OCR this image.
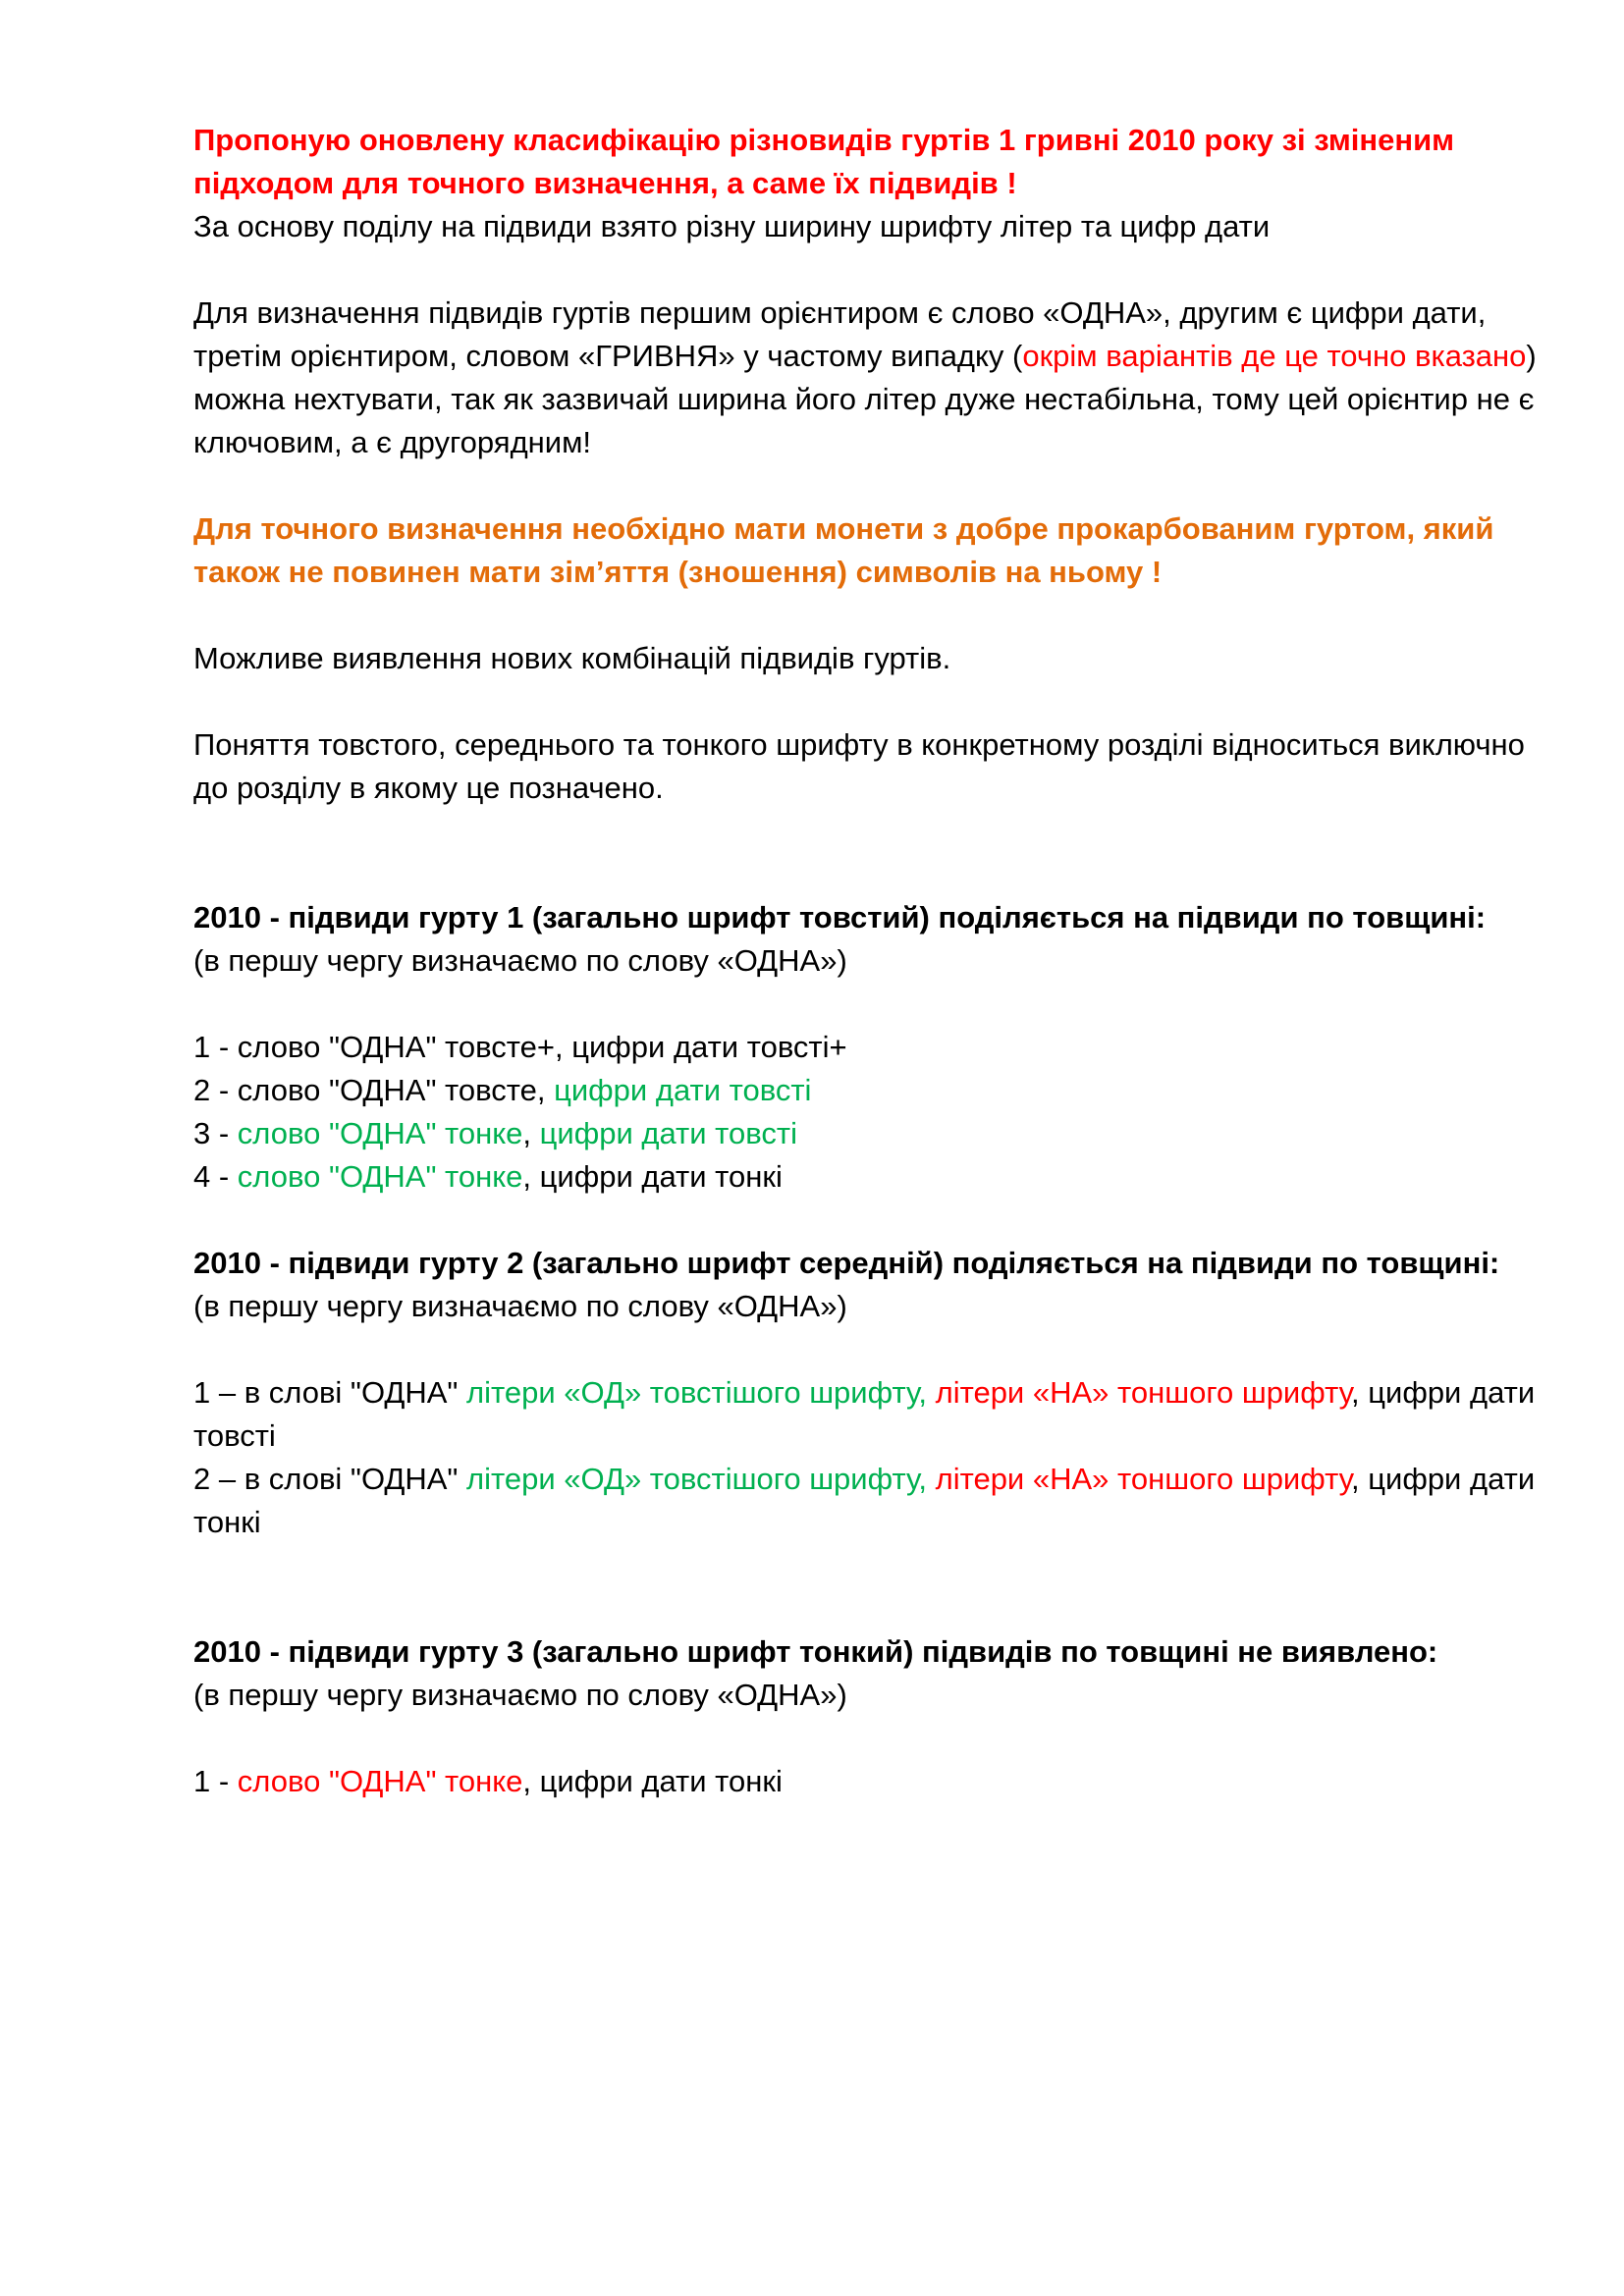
Пропоную оновлену класифікацію різновидів гуртів 1 гривні 2010 року зі зміненим підходом для точного визначення, а саме їх підвидів !

За основу поділу на підвиди взято різну ширину шрифту літер та цифр дати

Для визначення підвидів гуртів першим орієнтиром є слово «ОДНА», другим є цифри дати, третім орієнтиром, словом «ГРИВНЯ» у частому випадку (окрім варіантів де це точно вказано) можна нехтувати, так як зазвичай ширина його літер дуже нестабільна, тому цей орієнтир не є ключовим, а є другорядним!

Для точного визначення необхідно мати монети з добре прокарбованим гуртом, який також не повинен мати зім’яття (зношення) символів на ньому !

Можливе виявлення нових комбінацій підвидів гуртів.

Поняття товстого, середнього та тонкого шрифту в конкретному розділі відноситься виключно до розділу в якому це позначено.

2010 - підвиди гурту 1 (загально шрифт товстий) поділяється на підвиди по товщині:

(в першу чергу визначаємо по слову «ОДНА»)

1 - слово "ОДНА" товсте+, цифри дати товсті+

2 - слово "ОДНА" товсте, цифри дати товсті

3 - слово "ОДНА" тонке, цифри дати товсті

4 - слово "ОДНА" тонке, цифри дати тонкі

2010 - підвиди гурту 2 (загально шрифт середній) поділяється на підвиди по товщині:

(в першу чергу визначаємо по слову «ОДНА»)

1 – в слові "ОДНА" літери «ОД» товстішого шрифту, літери «НА» тоншого шрифту, цифри дати товсті

2 – в слові "ОДНА" літери «ОД» товстішого шрифту, літери «НА» тоншого шрифту, цифри дати тонкі

2010 - підвиди гурту 3 (загально шрифт тонкий) підвидів по товщині не виявлено:

(в першу чергу визначаємо по слову «ОДНА»)

1 - слово "ОДНА" тонке, цифри дати тонкі
